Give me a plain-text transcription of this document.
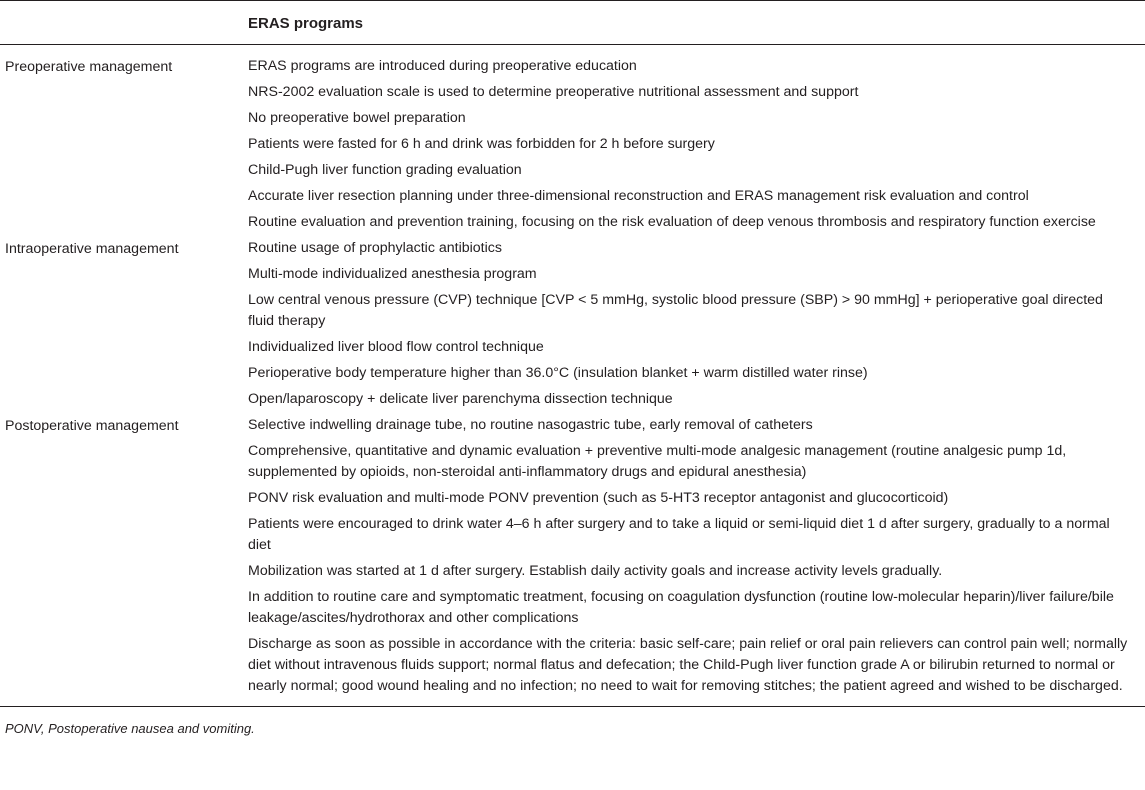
ERAS programs
Preoperative management	ERAS programs are introduced during preoperative education
NRS-2002 evaluation scale is used to determine preoperative nutritional assessment and support
No preoperative bowel preparation
Patients were fasted for 6 h and drink was forbidden for 2 h before surgery
Child-Pugh liver function grading evaluation
Accurate liver resection planning under three-dimensional reconstruction and ERAS management risk evaluation and control
Routine evaluation and prevention training, focusing on the risk evaluation of deep venous thrombosis and respiratory function exercise
Intraoperative management	Routine usage of prophylactic antibiotics
Multi-mode individualized anesthesia program
Low central venous pressure (CVP) technique [CVP < 5 mmHg, systolic blood pressure (SBP) > 90 mmHg] + perioperative goal directed fluid therapy
Individualized liver blood flow control technique
Perioperative body temperature higher than 36.0°C (insulation blanket + warm distilled water rinse)
Open/laparoscopy + delicate liver parenchyma dissection technique
Postoperative management	Selective indwelling drainage tube, no routine nasogastric tube, early removal of catheters
Comprehensive, quantitative and dynamic evaluation + preventive multi-mode analgesic management (routine analgesic pump 1d, supplemented by opioids, non-steroidal anti-inflammatory drugs and epidural anesthesia)
PONV risk evaluation and multi-mode PONV prevention (such as 5-HT3 receptor antagonist and glucocorticoid)
Patients were encouraged to drink water 4–6 h after surgery and to take a liquid or semi-liquid diet 1 d after surgery, gradually to a normal diet
Mobilization was started at 1 d after surgery. Establish daily activity goals and increase activity levels gradually.
In addition to routine care and symptomatic treatment, focusing on coagulation dysfunction (routine low-molecular heparin)/liver failure/bile leakage/ascites/hydrothorax and other complications
Discharge as soon as possible in accordance with the criteria: basic self-care; pain relief or oral pain relievers can control pain well; normally diet without intravenous fluids support; normal flatus and defecation; the Child-Pugh liver function grade A or bilirubin returned to normal or nearly normal; good wound healing and no infection; no need to wait for removing stitches; the patient agreed and wished to be discharged.
PONV, Postoperative nausea and vomiting.
